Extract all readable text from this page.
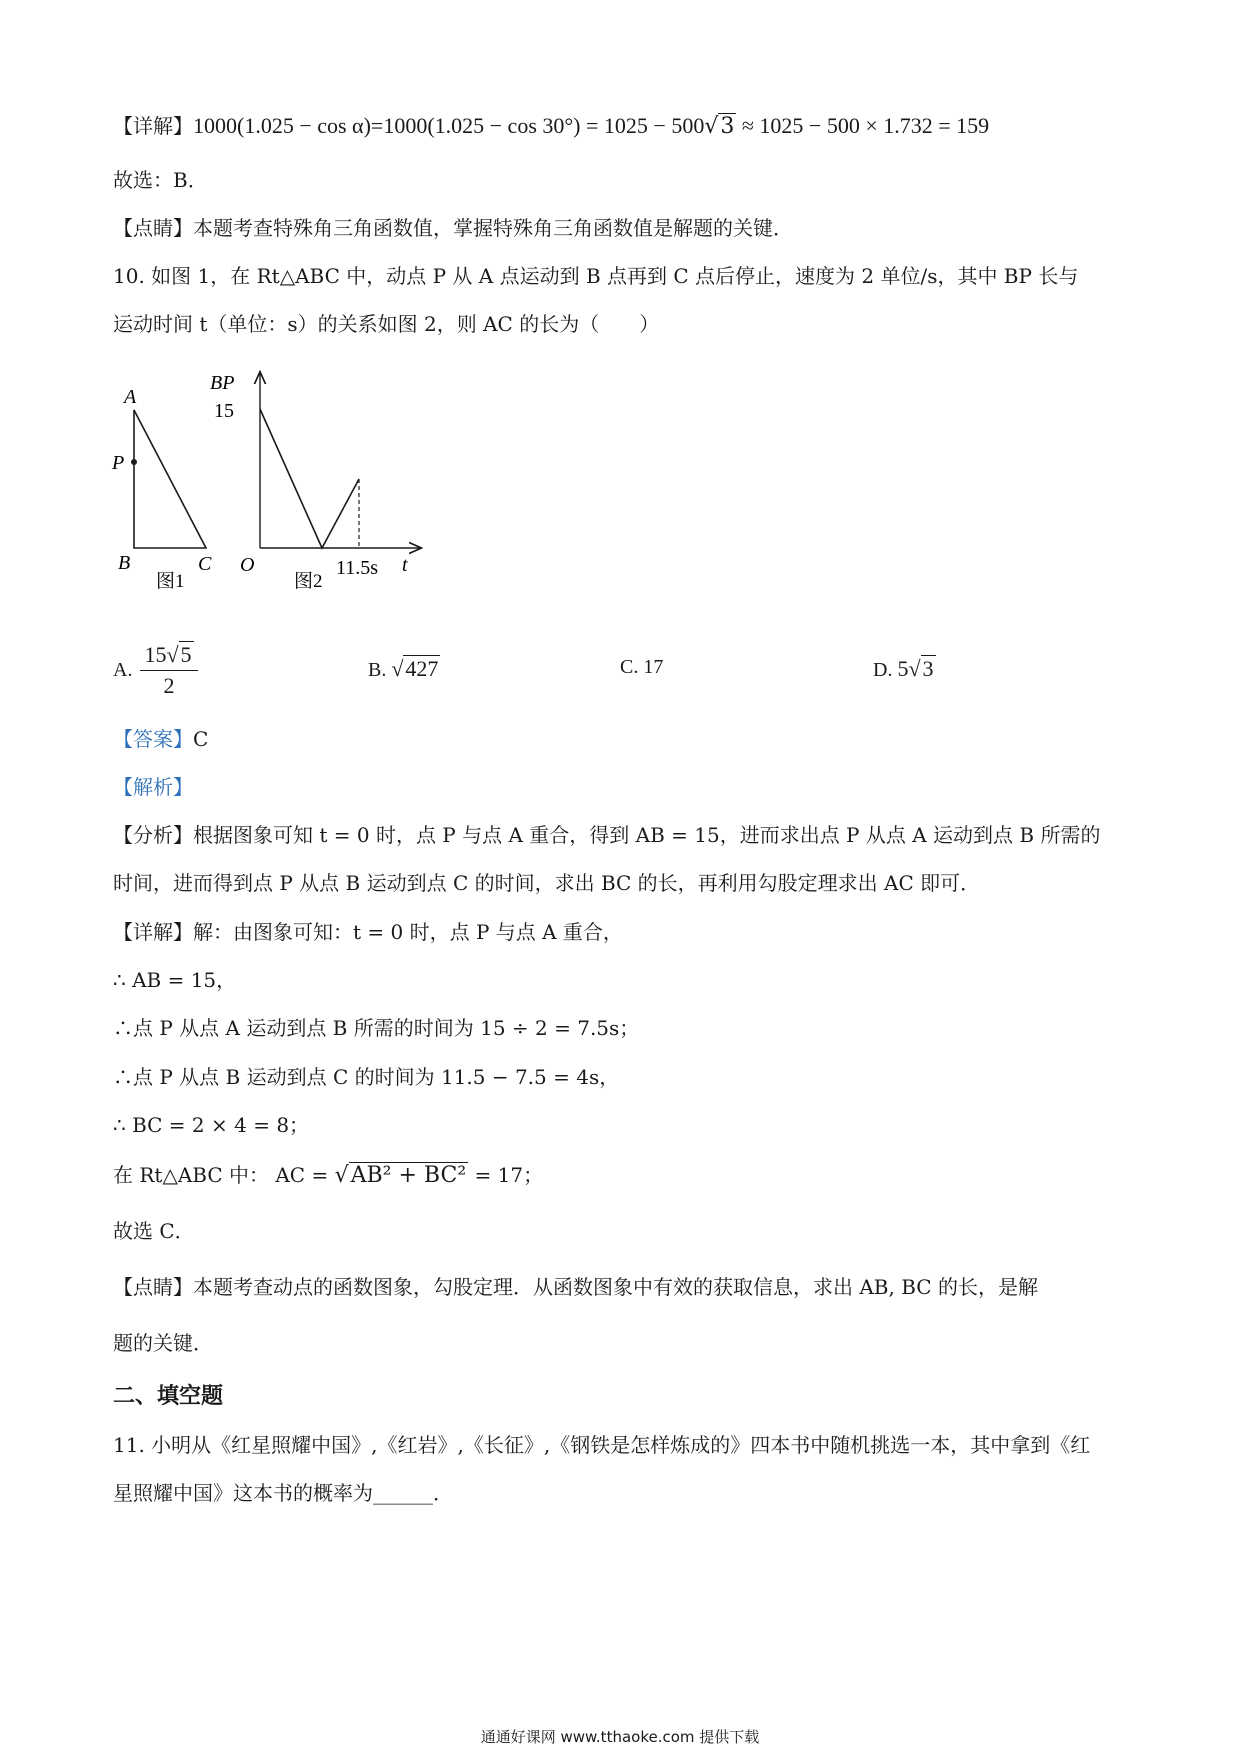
【详解】1000(1.025 − cos α)=1000(1.025 − cos 30°) = 1025 − 500√3 ≈ 1025 − 500 × 1.732 = 159
故选：B．
【点睛】本题考查特殊角三角函数值，掌握特殊角三角函数值是解题的关键．
10. 如图 1，在 Rt△ABC 中，动点 P 从 A 点运动到 B 点再到 C 点后停止，速度为 2 单位/s，其中 BP 长与
运动时间 t（单位：s）的关系如图 2，则 AC 的长为（　　）
A
P
B	C
图1
BP
15
O	11.5s t
图2
A. $\frac{15√5}{2}$	B. √427	C. 17	D. 5√3
【答案】C
【解析】
【分析】根据图象可知 t = 0 时，点 P 与点 A 重合，得到 AB = 15，进而求出点 P 从点 A 运动到点 B 所需的
时间，进而得到点 P 从点 B 运动到点 C 的时间，求出 BC 的长，再利用勾股定理求出 AC 即可．
【详解】解：由图象可知：t = 0 时，点 P 与点 A 重合，
∴ AB = 15，
∴点 P 从点 A 运动到点 B 所需的时间为 15 ÷ 2 = 7.5s；
∴点 P 从点 B 运动到点 C 的时间为 11.5 − 7.5 = 4s，
∴ BC = 2 × 4 = 8；
在 Rt△ABC 中： AC = √AB² + BC² = 17；
故选 C．
【点睛】本题考查动点的函数图象，勾股定理．从函数图象中有效的获取信息，求出 AB, BC 的长，是解
题的关键．
二、填空题
11. 小明从《红星照耀中国》,《红岩》,《长征》,《钢铁是怎样炼成的》四本书中随机挑选一本，其中拿到《红
星照耀中国》这本书的概率为______．
通通好课网 www.tthaoke.com 提供下载
